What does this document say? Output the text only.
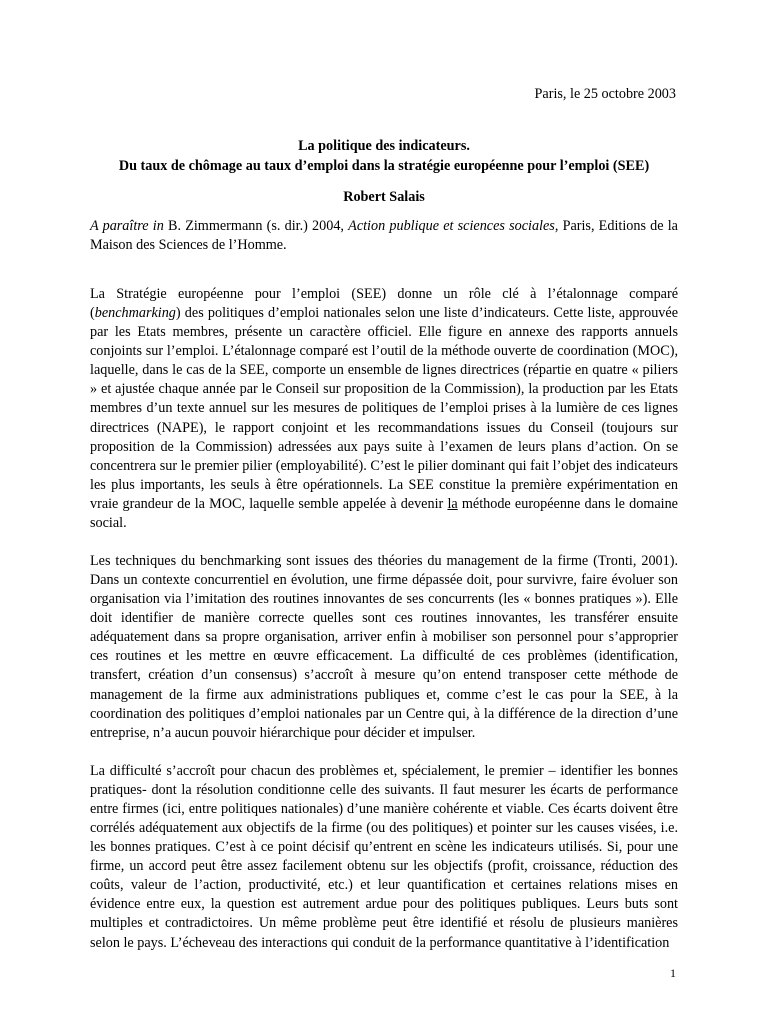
Paris, le 25 octobre 2003
La politique des indicateurs.
Du taux de chômage au taux d’emploi dans la stratégie européenne pour l’emploi (SEE)
Robert Salais
A paraître in B. Zimmermann (s. dir.) 2004, Action publique et sciences sociales, Paris, Editions de la Maison des Sciences de l’Homme.

La Stratégie européenne pour l’emploi (SEE) donne un rôle clé à l’étalonnage comparé (benchmarking) des politiques d’emploi nationales selon une liste d’indicateurs. Cette liste, approuvée par les Etats membres, présente un caractère officiel. Elle figure en annexe des rapports annuels conjoints sur l’emploi. L’étalonnage comparé est l’outil de la méthode ouverte de coordination (MOC), laquelle, dans le cas de la SEE, comporte un ensemble de lignes directrices (répartie en quatre « piliers » et ajustée chaque année par le Conseil sur proposition de la Commission), la production par les Etats membres d’un texte annuel sur les mesures de politiques de l’emploi prises à la lumière de ces lignes directrices (NAPE), le rapport conjoint et les recommandations issues du Conseil (toujours sur proposition de la Commission) adressées aux pays suite à l’examen de leurs plans d’action. On se concentrera sur le premier pilier (employabilité). C’est le pilier dominant qui fait l’objet des indicateurs les plus importants, les seuls à être opérationnels. La SEE constitue la première expérimentation en vraie grandeur de la MOC, laquelle semble appelée à devenir la méthode européenne dans le domaine social.

Les techniques du benchmarking sont issues des théories du management de la firme (Tronti, 2001). Dans un contexte concurrentiel en évolution, une firme dépassée doit, pour survivre, faire évoluer son organisation via l’imitation des routines innovantes de ses concurrents (les « bonnes pratiques »). Elle doit identifier de manière correcte quelles sont ces routines innovantes, les transférer ensuite adéquatement dans sa propre organisation, arriver enfin à mobiliser son personnel pour s’approprier ces routines et les mettre en œuvre efficacement. La difficulté de ces problèmes (identification, transfert, création d’un consensus) s’accroît à mesure qu’on entend transposer cette méthode de management de la firme aux administrations publiques et, comme c’est le cas pour la SEE, à la coordination des politiques d’emploi nationales par un Centre qui, à la différence de la direction d’une entreprise, n’a aucun pouvoir hiérarchique pour décider et impulser.

La difficulté s’accroît pour chacun des problèmes et, spécialement, le premier – identifier les bonnes pratiques- dont la résolution conditionne celle des suivants. Il faut mesurer les écarts de performance entre firmes (ici, entre politiques nationales) d’une manière cohérente et viable. Ces écarts doivent être corrélés adéquatement aux objectifs de la firme (ou des politiques) et pointer sur les causes visées, i.e. les bonnes pratiques. C’est à ce point décisif qu’entrent en scène les indicateurs utilisés. Si, pour une firme, un accord peut être assez facilement obtenu sur les objectifs (profit, croissance, réduction des coûts, valeur de l’action, productivité, etc.) et leur quantification et certaines relations mises en évidence entre eux, la question est autrement ardue pour des politiques publiques. Leurs buts sont multiples et contradictoires. Un même problème peut être identifié et résolu de plusieurs manières selon le pays. L’écheveau des interactions qui conduit de la performance quantitative à l’identification

1
